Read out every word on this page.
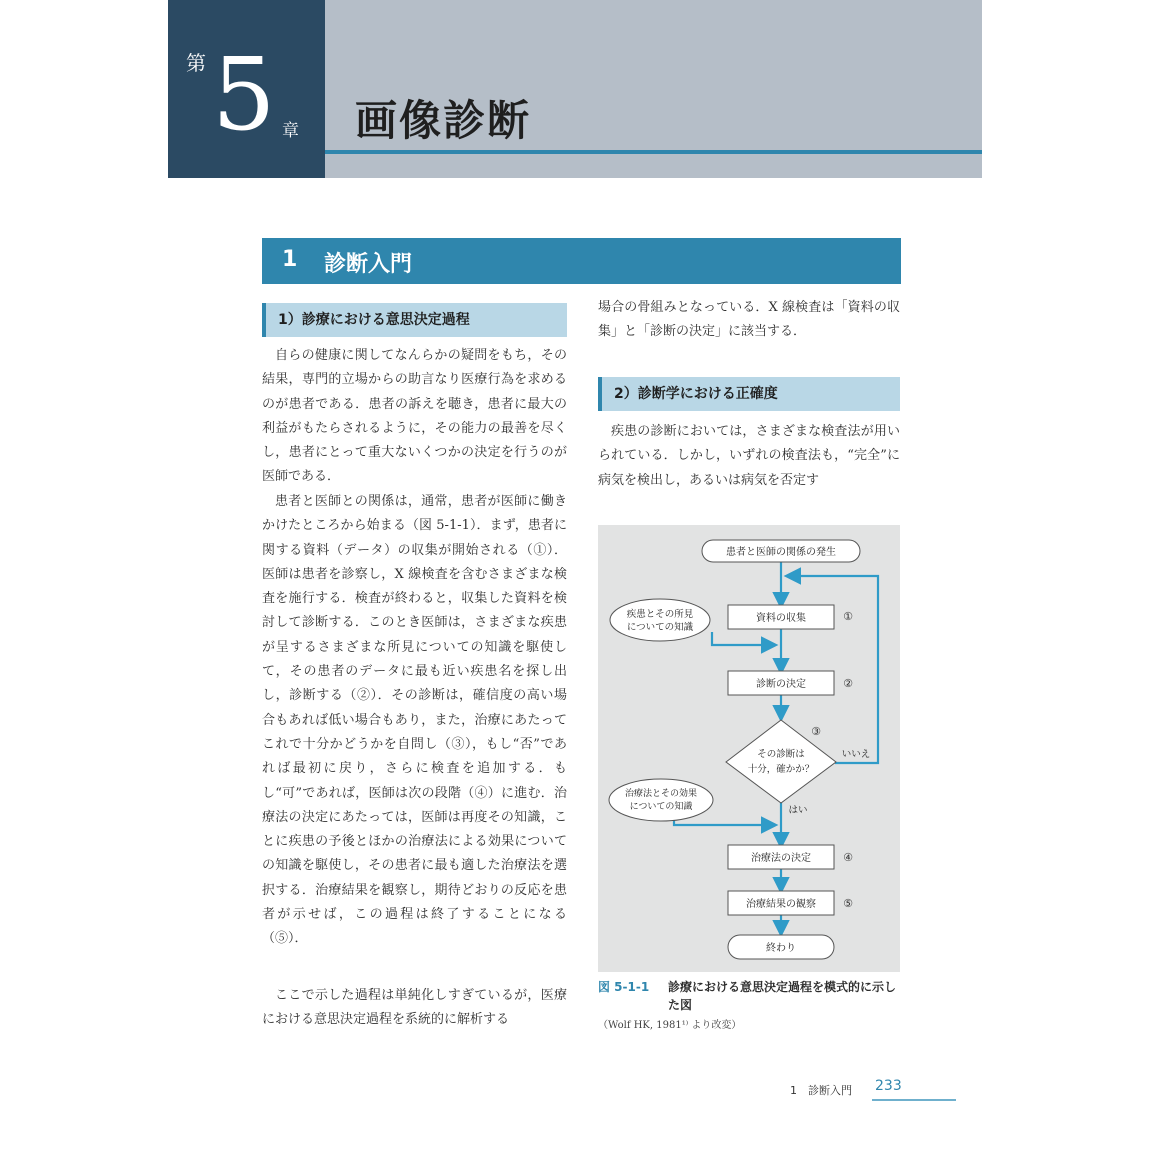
第 5 章 画像診断
1 診断入門
1）診療における意思決定過程

自らの健康に関してなんらかの疑問をもち，その結果，専門的立場からの助言なり医療行為を求めるのが患者である．患者の訴えを聴き，患者に最大の利益がもたらされるように，その能力の最善を尽くし，患者にとって重大ないくつかの決定を行うのが医師である．

患者と医師との関係は，通常，患者が医師に働きかけたところから始まる（図 5-1-1）．まず，患者に関する資料（データ）の収集が開始される（①）．医師は患者を診察し，X 線検査を含むさまざまな検査を施行する．検査が終わると，収集した資料を検討して診断する．このとき医師は，さまざまな疾患が呈するさまざまな所見についての知識を駆使して，その患者のデータに最も近い疾患名を探し出し，診断する（②）．その診断は，確信度の高い場合もあれば低い場合もあり，また，治療にあたってこれで十分かどうかを自問し（③），もし“否”であれば最初に戻り，さらに検査を追加する．もし“可”であれば，医師は次の段階（④）に進む．治療法の決定にあたっては，医師は再度その知識，ことに疾患の予後とほかの治療法による効果についての知識を駆使し，その患者に最も適した治療法を選択する．治療結果を観察し，期待どおりの反応を患者が示せば，この過程は終了することになる（⑤）．

ここで示した過程は単純化しすぎているが，医療における意思決定過程を系統的に解析する

場合の骨組みとなっている．X 線検査は「資料の収集」と「診断の決定」に該当する．

2）診断学における正確度

疾患の診断においては，さまざまな検査法が用いられている．しかし，いずれの検査法も，“完全”に病気を検出し，あるいは病気を否定す

患者と医師の関係の発生
資料の収集	①
疾患とその所見
についての知識
診断の決定	②
その診断は
十分，確かか？
③
いいえ
はい
治療法とその効果
についての知識
治療法の決定	④
治療結果の観察 ⑤
終わり
図 5-1-1 診療における意思決定過程を模式的に示した図
（Wolf HK, 1981¹⁾ より改変）
1　診断入門 233
